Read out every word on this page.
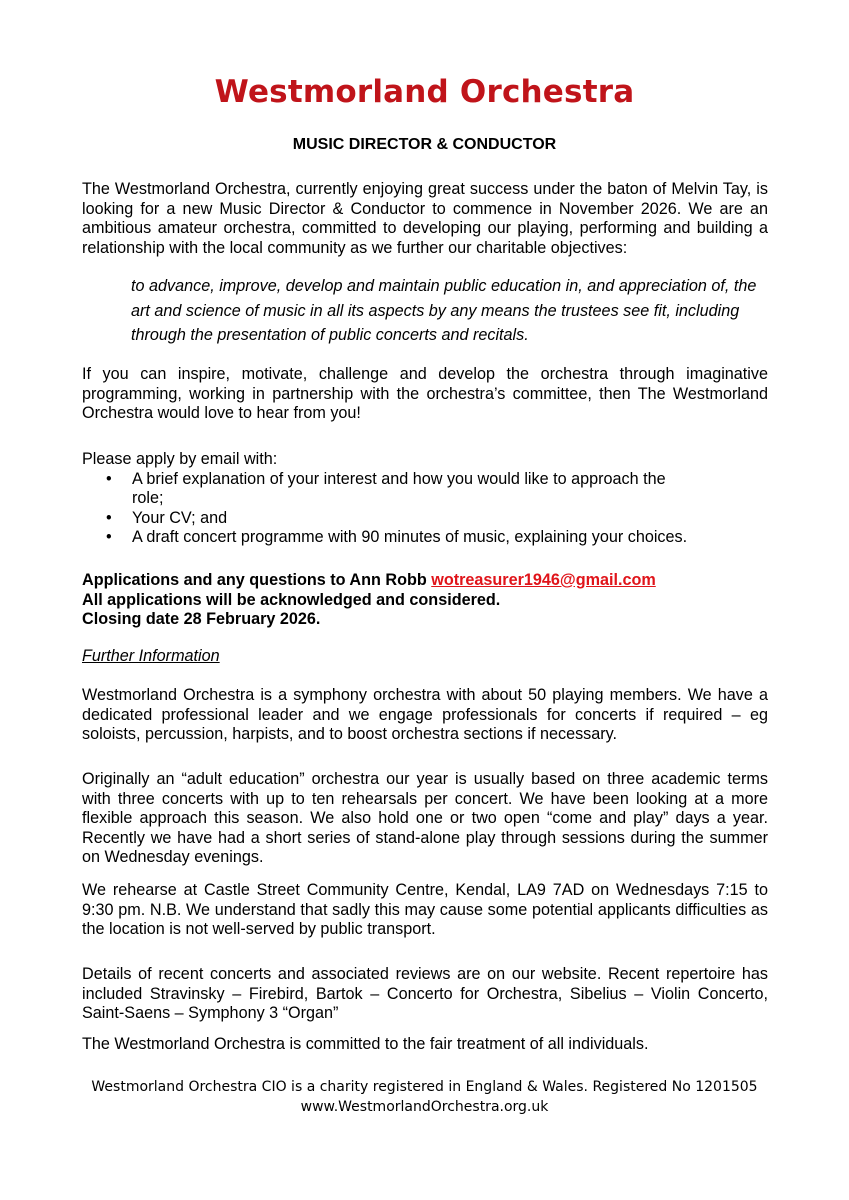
Westmorland Orchestra
MUSIC DIRECTOR & CONDUCTOR

The Westmorland Orchestra, currently enjoying great success under the baton of Melvin Tay, is looking for a new Music Director & Conductor to commence in November 2026. We are an ambitious amateur orchestra, committed to developing our playing, performing and building a relationship with the local community as we further our charitable objectives:

to advance, improve, develop and maintain public education in, and appreciation of, the art and science of music in all its aspects by any means the trustees see fit, including through the presentation of public concerts and recitals.

If you can inspire, motivate, challenge and develop the orchestra through imaginative programming, working in partnership with the orchestra’s committee, then The Westmorland Orchestra would love to hear from you!

Please apply by email with:
• A brief explanation of your interest and how you would like to approach the role;
• Your CV; and
• A draft concert programme with 90 minutes of music, explaining your choices.
Applications and any questions to Ann Robb wotreasurer1946@gmail.com
All applications will be acknowledged and considered.
Closing date 28 February 2026.

Further Information

Westmorland Orchestra is a symphony orchestra with about 50 playing members. We have a dedicated professional leader and we engage professionals for concerts if required – eg soloists, percussion, harpists, and to boost orchestra sections if necessary.

Originally an “adult education” orchestra our year is usually based on three academic terms with three concerts with up to ten rehearsals per concert. We have been looking at a more flexible approach this season. We also hold one or two open “come and play” days a year. Recently we have had a short series of stand-alone play through sessions during the summer on Wednesday evenings.

We rehearse at Castle Street Community Centre, Kendal, LA9 7AD on Wednesdays 7:15 to 9:30 pm. N.B. We understand that sadly this may cause some potential applicants difficulties as the location is not well-served by public transport.

Details of recent concerts and associated reviews are on our website. Recent repertoire has included Stravinsky – Firebird, Bartok – Concerto for Orchestra, Sibelius – Violin Concerto, Saint-Saens – Symphony 3 “Organ”

The Westmorland Orchestra is committed to the fair treatment of all individuals.

Westmorland Orchestra CIO is a charity registered in England & Wales. Registered No 1201505
www.WestmorlandOrchestra.org.uk
